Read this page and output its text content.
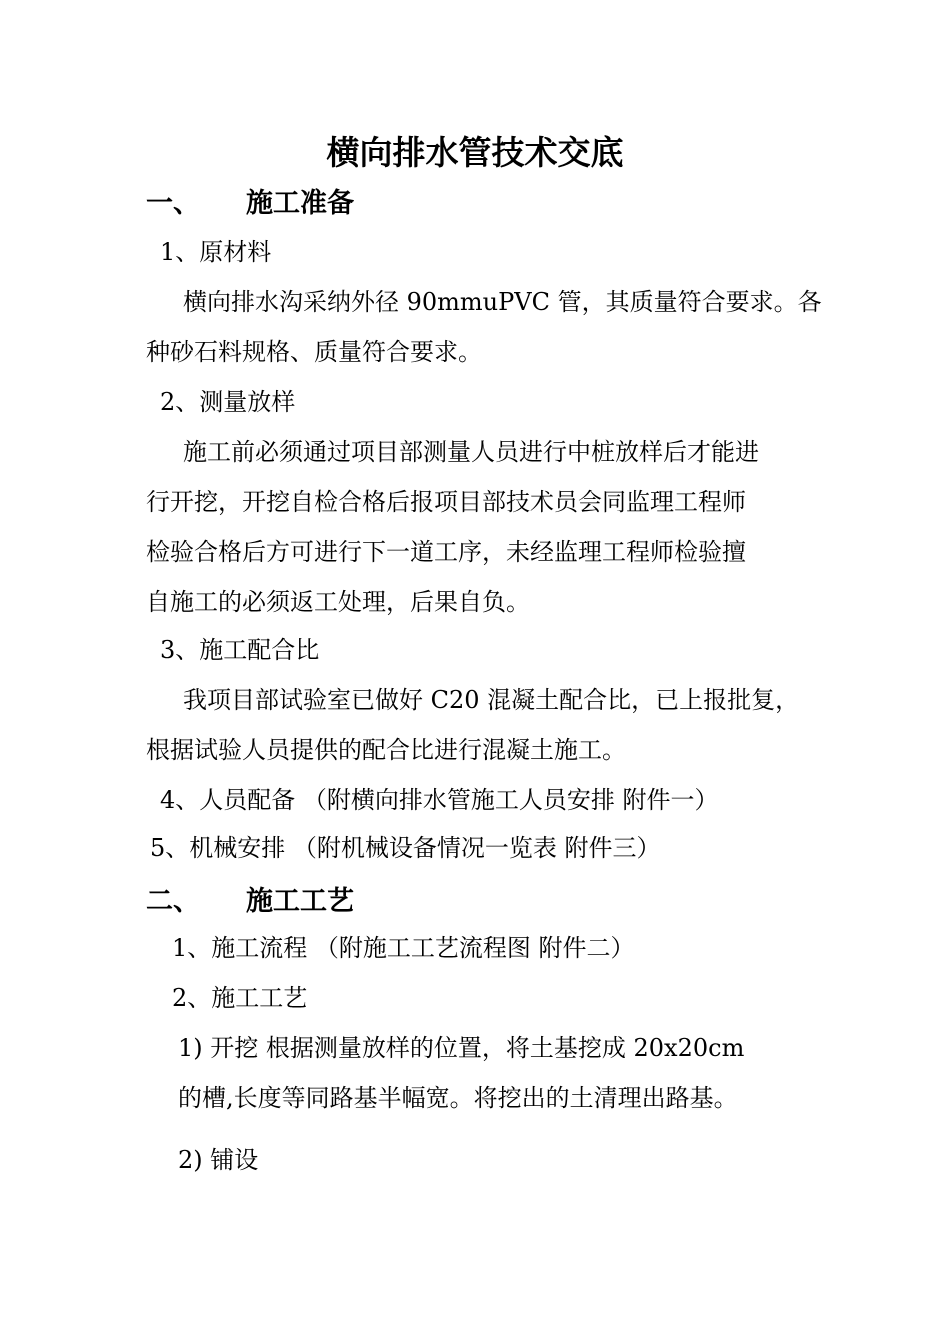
横向排水管技术交底
一、 施工准备
1、原材料
横向排水沟采纳外径 90mmuPVC 管，其质量符合要求。各
种砂石料规格、质量符合要求。
2、测量放样
施工前必须通过项目部测量人员进行中桩放样后才能进
行开挖，开挖自检合格后报项目部技术员会同监理工程师
检验合格后方可进行下一道工序，未经监理工程师检验擅
自施工的必须返工处理，后果自负。
3、施工配合比
我项目部试验室已做好 C20 混凝土配合比，已上报批复，
根据试验人员提供的配合比进行混凝土施工。
4、人员配备 （附横向排水管施工人员安排 附件一）
5、机械安排 （附机械设备情况一览表 附件三）
二、 施工工艺
1、施工流程 （附施工工艺流程图 附件二）
2、施工工艺
1) 开挖 根据测量放样的位置，将土基挖成 20x20cm
的槽,长度等同路基半幅宽。将挖出的土清理出路基。
2) 铺设
